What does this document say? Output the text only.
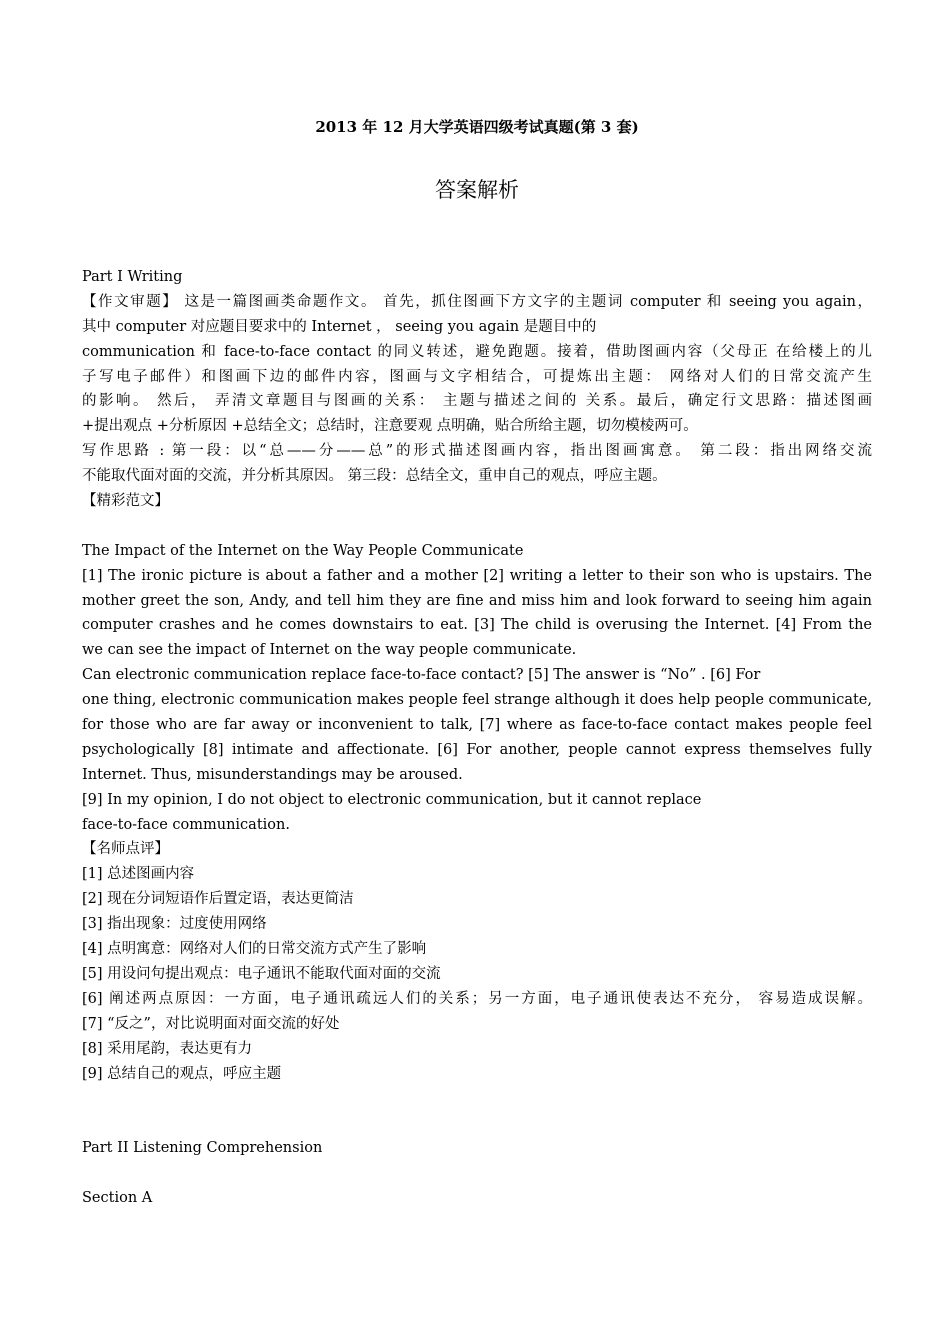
2013 年 12 月大学英语四级考试真题(第 3 套)
答案解析
Part I Writing
【作文审题】 这是一篇图画类命题作文。 首先，抓住图画下方文字的主题词 computer 和 seeing you again，
其中 computer 对应题目要求中的 Internet ， seeing you again 是题目中的
communication 和 face-to-face contact 的同义转述，避免跑题。接着，借助图画内容（父母正 在给楼上的儿
子写电子邮件）和图画下边的邮件内容，图画与文字相结合，可提炼出主题： 网络对人们的日常交流产生
的影响。 然后， 弄清文章题目与图画的关系： 主题与描述之间的 关系。最后，确定行文思路：描述图画
+提出观点 +分析原因 +总结全文；总结时，注意要观 点明确，贴合所给主题，切勿模棱两可。
写作思路 : 第一段：以“总——分——总”的形式描述图画内容，指出图画寓意。 第二段：指出网络交流
不能取代面对面的交流，并分析其原因。 第三段：总结全文，重申自己的观点，呼应主题。
【精彩范文】
The Impact of the Internet on the Way People Communicate
[1] The ironic picture is about a father and a mother [2] writing a letter to their son who is upstairs. The
mother greet the son, Andy, and tell him they are fine and miss him and look forward to seeing him again
computer crashes and he comes downstairs to eat. [3] The child is overusing the Internet. [4] From the
we can see the impact of Internet on the way people communicate.
Can electronic communication replace face-to-face contact? [5] The answer is “No” . [6] For
one thing, electronic communication makes people feel strange although it does help people communicate,
for those who are far away or inconvenient to talk, [7] where as face-to-face contact makes people feel
psychologically [8] intimate and affectionate. [6] For another, people cannot express themselves fully
Internet. Thus, misunderstandings may be aroused.
[9] In my opinion, I do not object to electronic communication, but it cannot replace
face-to-face communication.
【名师点评】
[1] 总述图画内容
[2] 现在分词短语作后置定语，表达更简洁
[3] 指出现象：过度使用网络
[4] 点明寓意：网络对人们的日常交流方式产生了影响
[5] 用设问句提出观点：电子通讯不能取代面对面的交流
[6] 阐述两点原因：一方面，电子通讯疏远人们的关系；另一方面，电子通讯使表达不充分， 容易造成误解。
[7] “反之”，对比说明面对面交流的好处
[8] 采用尾韵，表达更有力
[9] 总结自己的观点，呼应主题
Part II Listening Comprehension
Section A
